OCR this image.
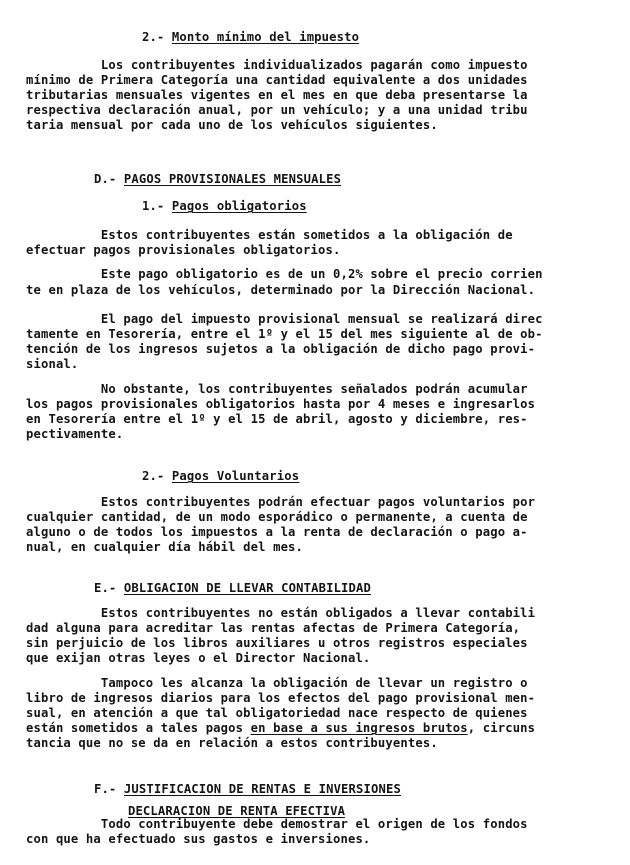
2.- Monto mínimo del impuesto

Los contribuyentes individualizados pagarán como impuesto
mínimo de Primera Categoría una cantidad equivalente a dos unidades
tributarias mensuales vigentes en el mes en que deba presentarse la
respectiva declaración anual, por un vehículo; y a una unidad tribu
taria mensual por cada uno de los vehículos siguientes.

D.- PAGOS PROVISIONALES MENSUALES

1.- Pagos obligatorios

Estos contribuyentes están sometidos a la obligación de
efectuar pagos provisionales obligatorios.
Este pago obligatorio es de un 0,2% sobre el precio corrien
te en plaza de los vehículos, determinado por la Dirección Nacional.
El pago del impuesto provisional mensual se realizará direc
tamente en Tesorería, entre el 1º y el 15 del mes siguiente al de ob-
tención de los ingresos sujetos a la obligación de dicho pago provi-
sional.
No obstante, los contribuyentes señalados podrán acumular
los pagos provisionales obligatorios hasta por 4 meses e ingresarlos
en Tesorería entre el 1º y el 15 de abril, agosto y diciembre, res-
pectivamente.

2.- Pagos Voluntarios

Estos contribuyentes podrán efectuar pagos voluntarios por
cualquier cantidad, de un modo esporádico o permanente, a cuenta de
alguno o de todos los impuestos a la renta de declaración o pago a-
nual, en cualquier día hábil del mes.

E.- OBLIGACION DE LLEVAR CONTABILIDAD

Estos contribuyentes no están obligados a llevar contabili
dad alguna para acreditar las rentas afectas de Primera Categoría,
sin perjuicio de los libros auxiliares u otros registros especiales
que exijan otras leyes o el Director Nacional.
Tampoco les alcanza la obligación de llevar un registro o
libro de ingresos diarios para los efectos del pago provisional men-
sual, en atención a que tal obligatoriedad nace respecto de quienes
están sometidos a tales pagos en base a sus ingresos brutos, circuns
tancia que no se da en relación a estos contribuyentes.

F.- JUSTIFICACION DE RENTAS E INVERSIONES

DECLARACION DE RENTA EFECTIVA

Todo contribuyente debe demostrar el origen de los fondos
con que ha efectuado sus gastos e inversiones.
